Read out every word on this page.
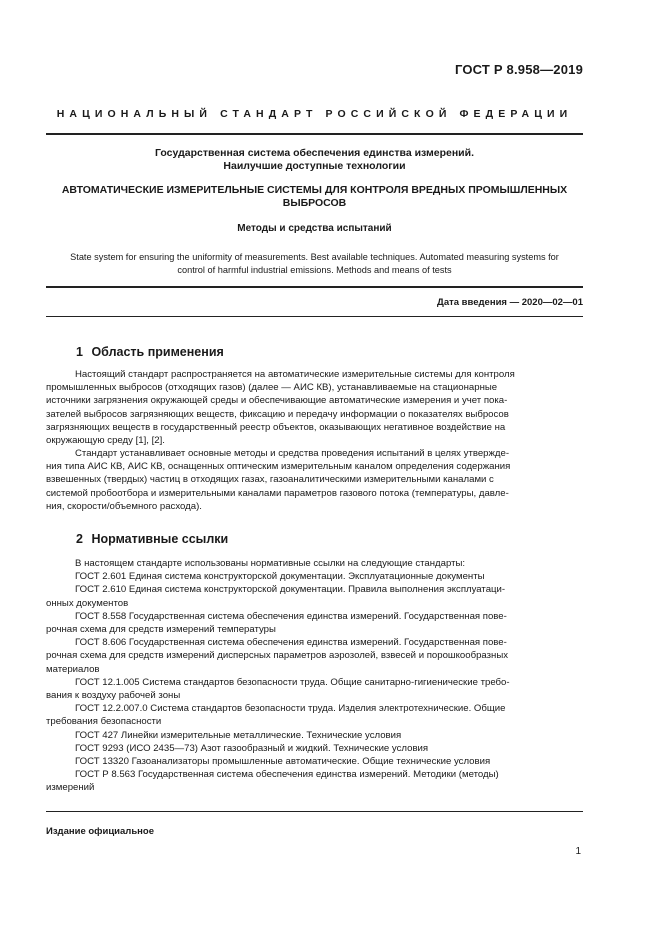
ГОСТ Р 8.958—2019
НАЦИОНАЛЬНЫЙ СТАНДАРТ РОССИЙСКОЙ ФЕДЕРАЦИИ
Государственная система обеспечения единства измерений.
Наилучшие доступные технологии
АВТОМАТИЧЕСКИЕ ИЗМЕРИТЕЛЬНЫЕ СИСТЕМЫ ДЛЯ КОНТРОЛЯ ВРЕДНЫХ ПРОМЫШЛЕННЫХ
ВЫБРОСОВ
Методы и средства испытаний
State system for ensuring the uniformity of measurements. Best available techniques. Automated measuring systems for
control of harmful industrial emissions. Methods and means of tests
Дата введения — 2020—02—01
1 Область применения
Настоящий стандарт распространяется на автоматические измерительные системы для контроля
промышленных выбросов (отходящих газов) (далее — АИС КВ), устанавливаемые на стационарные
источники загрязнения окружающей среды и обеспечивающие автоматические измерения и учет пока-
зателей выбросов загрязняющих веществ, фиксацию и передачу информации о показателях выбросов
загрязняющих веществ в государственный реестр объектов, оказывающих негативное воздействие на
окружающую среду [1], [2].
Стандарт устанавливает основные методы и средства проведения испытаний в целях утвержде-
ния типа АИС КВ, АИС КВ, оснащенных оптическим измерительным каналом определения содержания
взвешенных (твердых) частиц в отходящих газах, газоаналитическими измерительными каналами с
системой пробоотбора и измерительными каналами параметров газового потока (температуры, давле-
ния, скорости/объемного расхода).
2 Нормативные ссылки
В настоящем стандарте использованы нормативные ссылки на следующие стандарты:
ГОСТ 2.601 Единая система конструкторской документации. Эксплуатационные документы
ГОСТ 2.610 Единая система конструкторской документации. Правила выполнения эксплуатаци-
онных документов
ГОСТ 8.558 Государственная система обеспечения единства измерений. Государственная пове-
рочная схема для средств измерений температуры
ГОСТ 8.606 Государственная система обеспечения единства измерений. Государственная пове-
рочная схема для средств измерений дисперсных параметров аэрозолей, взвесей и порошкообразных
материалов
ГОСТ 12.1.005 Система стандартов безопасности труда. Общие санитарно-гигиенические требо-
вания к воздуху рабочей зоны
ГОСТ 12.2.007.0 Система стандартов безопасности труда. Изделия электротехнические. Общие
требования безопасности
ГОСТ 427 Линейки измерительные металлические. Технические условия
ГОСТ 9293 (ИСО 2435—73) Азот газообразный и жидкий. Технические условия
ГОСТ 13320 Газоанализаторы промышленные автоматические. Общие технические условия
ГОСТ Р 8.563 Государственная система обеспечения единства измерений. Методики (методы)
измерений
Издание официальное
1
